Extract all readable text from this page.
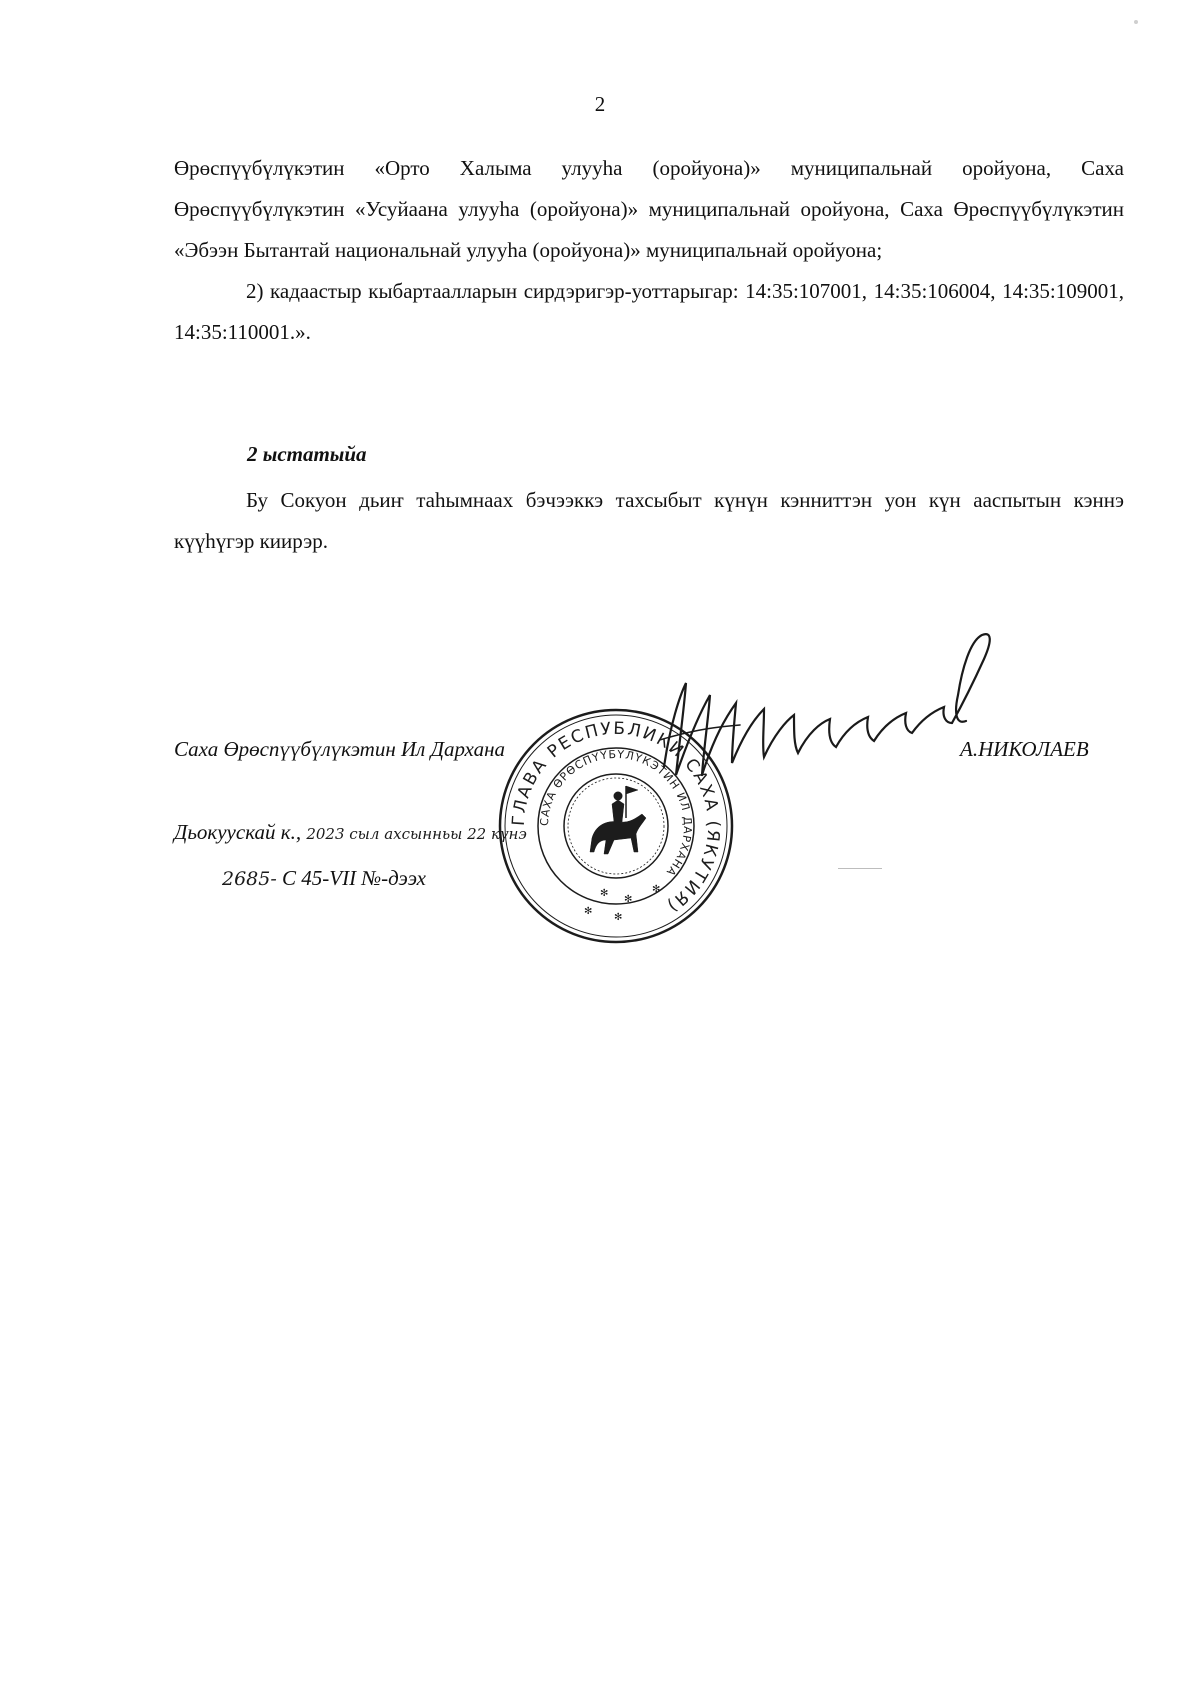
2

Өрөспүүбүлүкэтин «Орто Халыма улууһа (оройуона)» муниципальнай оройуона, Саха Өрөспүүбүлүкэтин «Усуйаана улууһа (оройуона)» муниципальнай оройуона, Саха Өрөспүүбүлүкэтин «Эбээн Бытантай национальнай улууһа (оройуона)» муниципальнай оройуона;

2) кадаастыр кыбартаалларын сирдэригэр-уоттарыгар: 14:35:107001, 14:35:106004, 14:35:109001, 14:35:110001.».

2 ыстатыйа

Бу Сокуон дьиҥ таһымнаах бэчээккэ тахсыбыт күнүн кэнниттэн уон күн ааспытын кэннэ күүһүгэр киирэр.

Саха Өрөспүүбүлүкэтин Ил Дархана	А.НИКОЛАЕВ
Дьокуускай к., 2023 сыл ахсынньы 22 күнэ
2685- С 45-VII №-дээх
ГЛАВА РЕСПУБЛИКИ САХА (ЯКУТИЯ)
САХА ӨРӨСПҮҮБҮЛҮКЭТИН ИЛ ДАРХАНА
✻
✻
✻
✻
✻
